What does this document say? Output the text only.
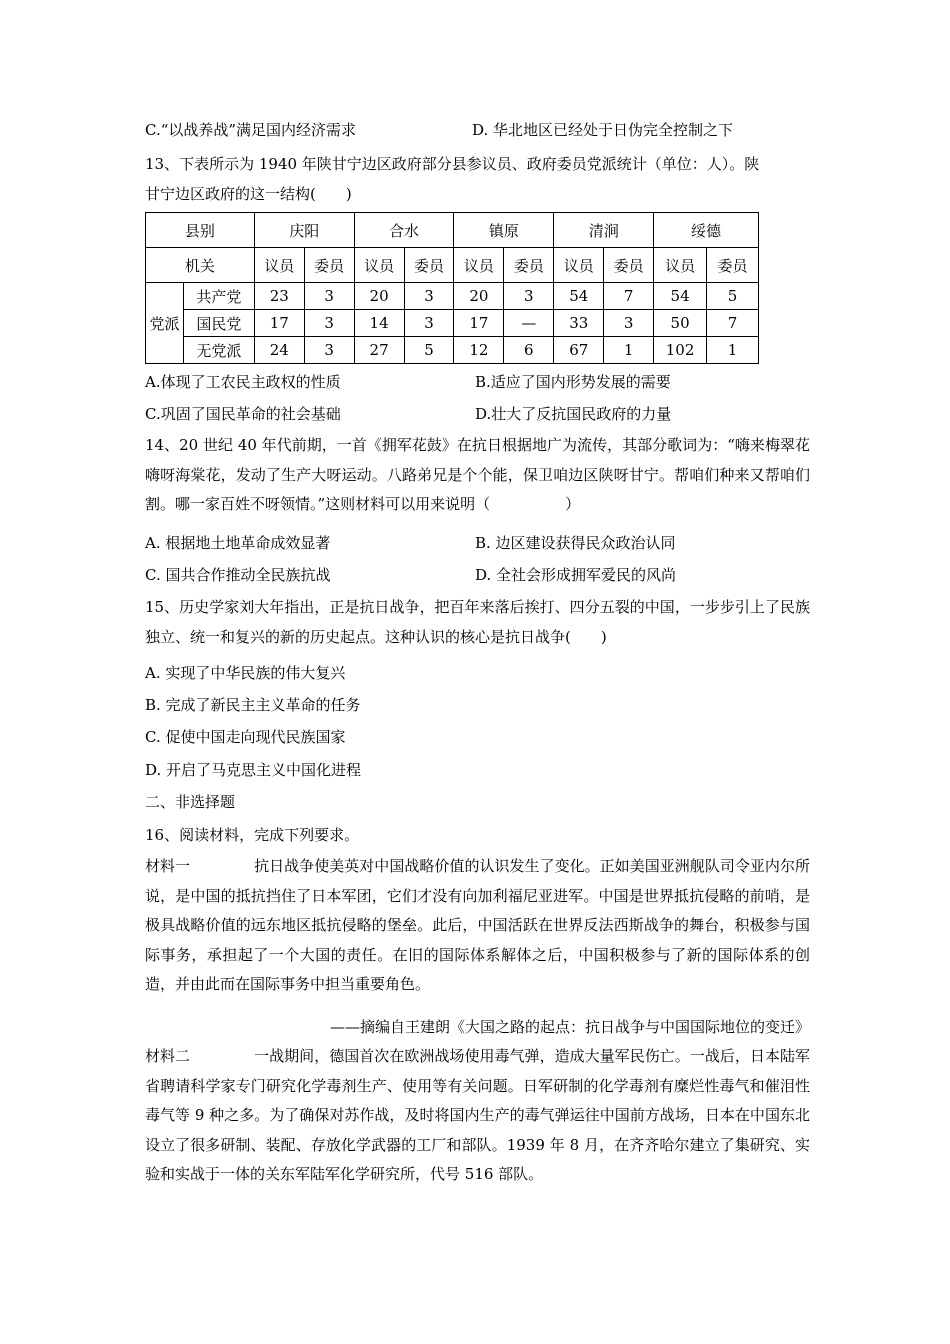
C.“以战养战”满足国内经济需求	D. 华北地区已经处于日伪完全控制之下
13、下表所示为 1940 年陕甘宁边区政府部分县参议员、政府委员党派统计（单位：人）。陕
甘宁边区政府的这一结构(　　)
县别		庆阳		合水		镇原		清涧		绥德	
机关		议员	委员	议员	委员	议员	委员	议员	委员	议员	委员
党派	共产党	23	3	20	3	20	3	54	7	54	5
	国民党	17	3	14	3	17	—	33	3	50	7
	无党派	24	3	27	5	12	6	67	1	102	1
A.体现了工农民主政权的性质	B.适应了国内形势发展的需要
C.巩固了国民革命的社会基础	D.壮大了反抗国民政府的力量
14、20 世纪 40 年代前期，一首《拥军花鼓》在抗日根据地广为流传，其部分歌词为：“嗨来梅翠花嗨呀海棠花，发动了生产大呀运动。八路弟兄是个个能，保卫咱边区陕呀甘宁。帮咱们种来又帮咱们割。哪一家百姓不呀领情。”这则材料可以用来说明（　　　　　）
A. 根据地土地革命成效显著	B. 边区建设获得民众政治认同
C. 国共合作推动全民族抗战	D. 全社会形成拥军爱民的风尚
15、历史学家刘大年指出，正是抗日战争，把百年来落后挨打、四分五裂的中国，一步步引上了民族独立、统一和复兴的新的历史起点。这种认识的核心是抗日战争(　　)
A. 实现了中华民族的伟大复兴
B. 完成了新民主主义革命的任务
C. 促使中国走向现代民族国家
D. 开启了马克思主义中国化进程
二、非选择题
16、阅读材料，完成下列要求。
材料一	抗日战争使美英对中国战略价值的认识发生了变化。正如美国亚洲舰队司令亚内尔所说，是中国的抵抗挡住了日本军团，它们才没有向加利福尼亚进军。中国是世界抵抗侵略的前哨，是极具战略价值的远东地区抵抗侵略的堡垒。此后，中国活跃在世界反法西斯战争的舞台，积极参与国际事务，承担起了一个大国的责任。在旧的国际体系解体之后，中国积极参与了新的国际体系的创造，并由此而在国际事务中担当重要角色。
——摘编自王建朗《大国之路的起点：抗日战争与中国国际地位的变迁》
材料二	一战期间，德国首次在欧洲战场使用毒气弹，造成大量军民伤亡。一战后，日本陆军省聘请科学家专门研究化学毒剂生产、使用等有关问题。日军研制的化学毒剂有糜烂性毒气和催泪性毒气等 9 种之多。为了确保对苏作战，及时将国内生产的毒气弹运往中国前方战场，日本在中国东北设立了很多研制、装配、存放化学武器的工厂和部队。1939 年 8 月，在齐齐哈尔建立了集研究、实验和实战于一体的关东军陆军化学研究所，代号 516 部队。
